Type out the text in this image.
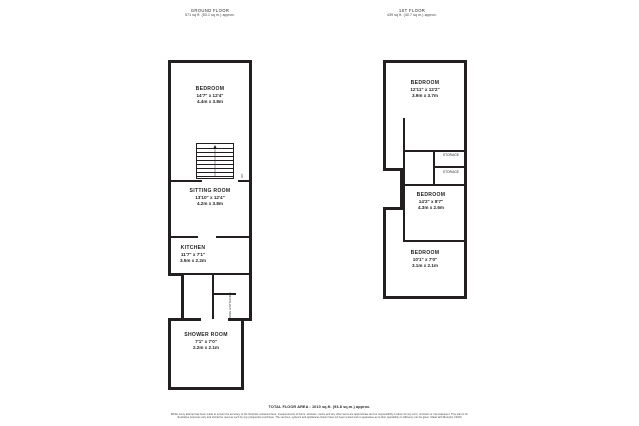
GROUND FLOOR
571 sq ft. (53.1 sq m.) approx.
1ST FLOOR
439 sq ft. (40.7 sq m.) approx.
UP
SIDE ENTRANCE
BEDROOM
14'7" x 12'4"
4.4m x 3.8m
SITTING ROOM
13'10" x 12'4"
4.2m x 3.8m
KITCHEN
11'7" x 7'1"
3.5m x 2.2m
SHOWER ROOM
7'1" x 7'0"
2.2m x 2.1m
STORAGE
STORAGE
BEDROOM
12'11" x 12'2"
3.9m x 3.7m
BEDROOM
14'2" x 8'7"
4.3m x 2.6m
BEDROOM
10'1" x 7'0"
3.1m x 2.1m
TOTAL FLOOR AREA : 1010 sq.ft. (93.8 sq.m.) approx.
Whilst every attempt has been made to ensure the accuracy of the floorplan contained here, measurements of doors, windows, rooms and any other items are approximate and no responsibility is taken for any error, omission or mis-statement. This plan is for illustrative purposes only and should be used as such by any prospective purchaser. The services, systems and appliances shown have not been tested and no guarantee as to their operability or efficiency can be given. Made with Metropix ©2020
